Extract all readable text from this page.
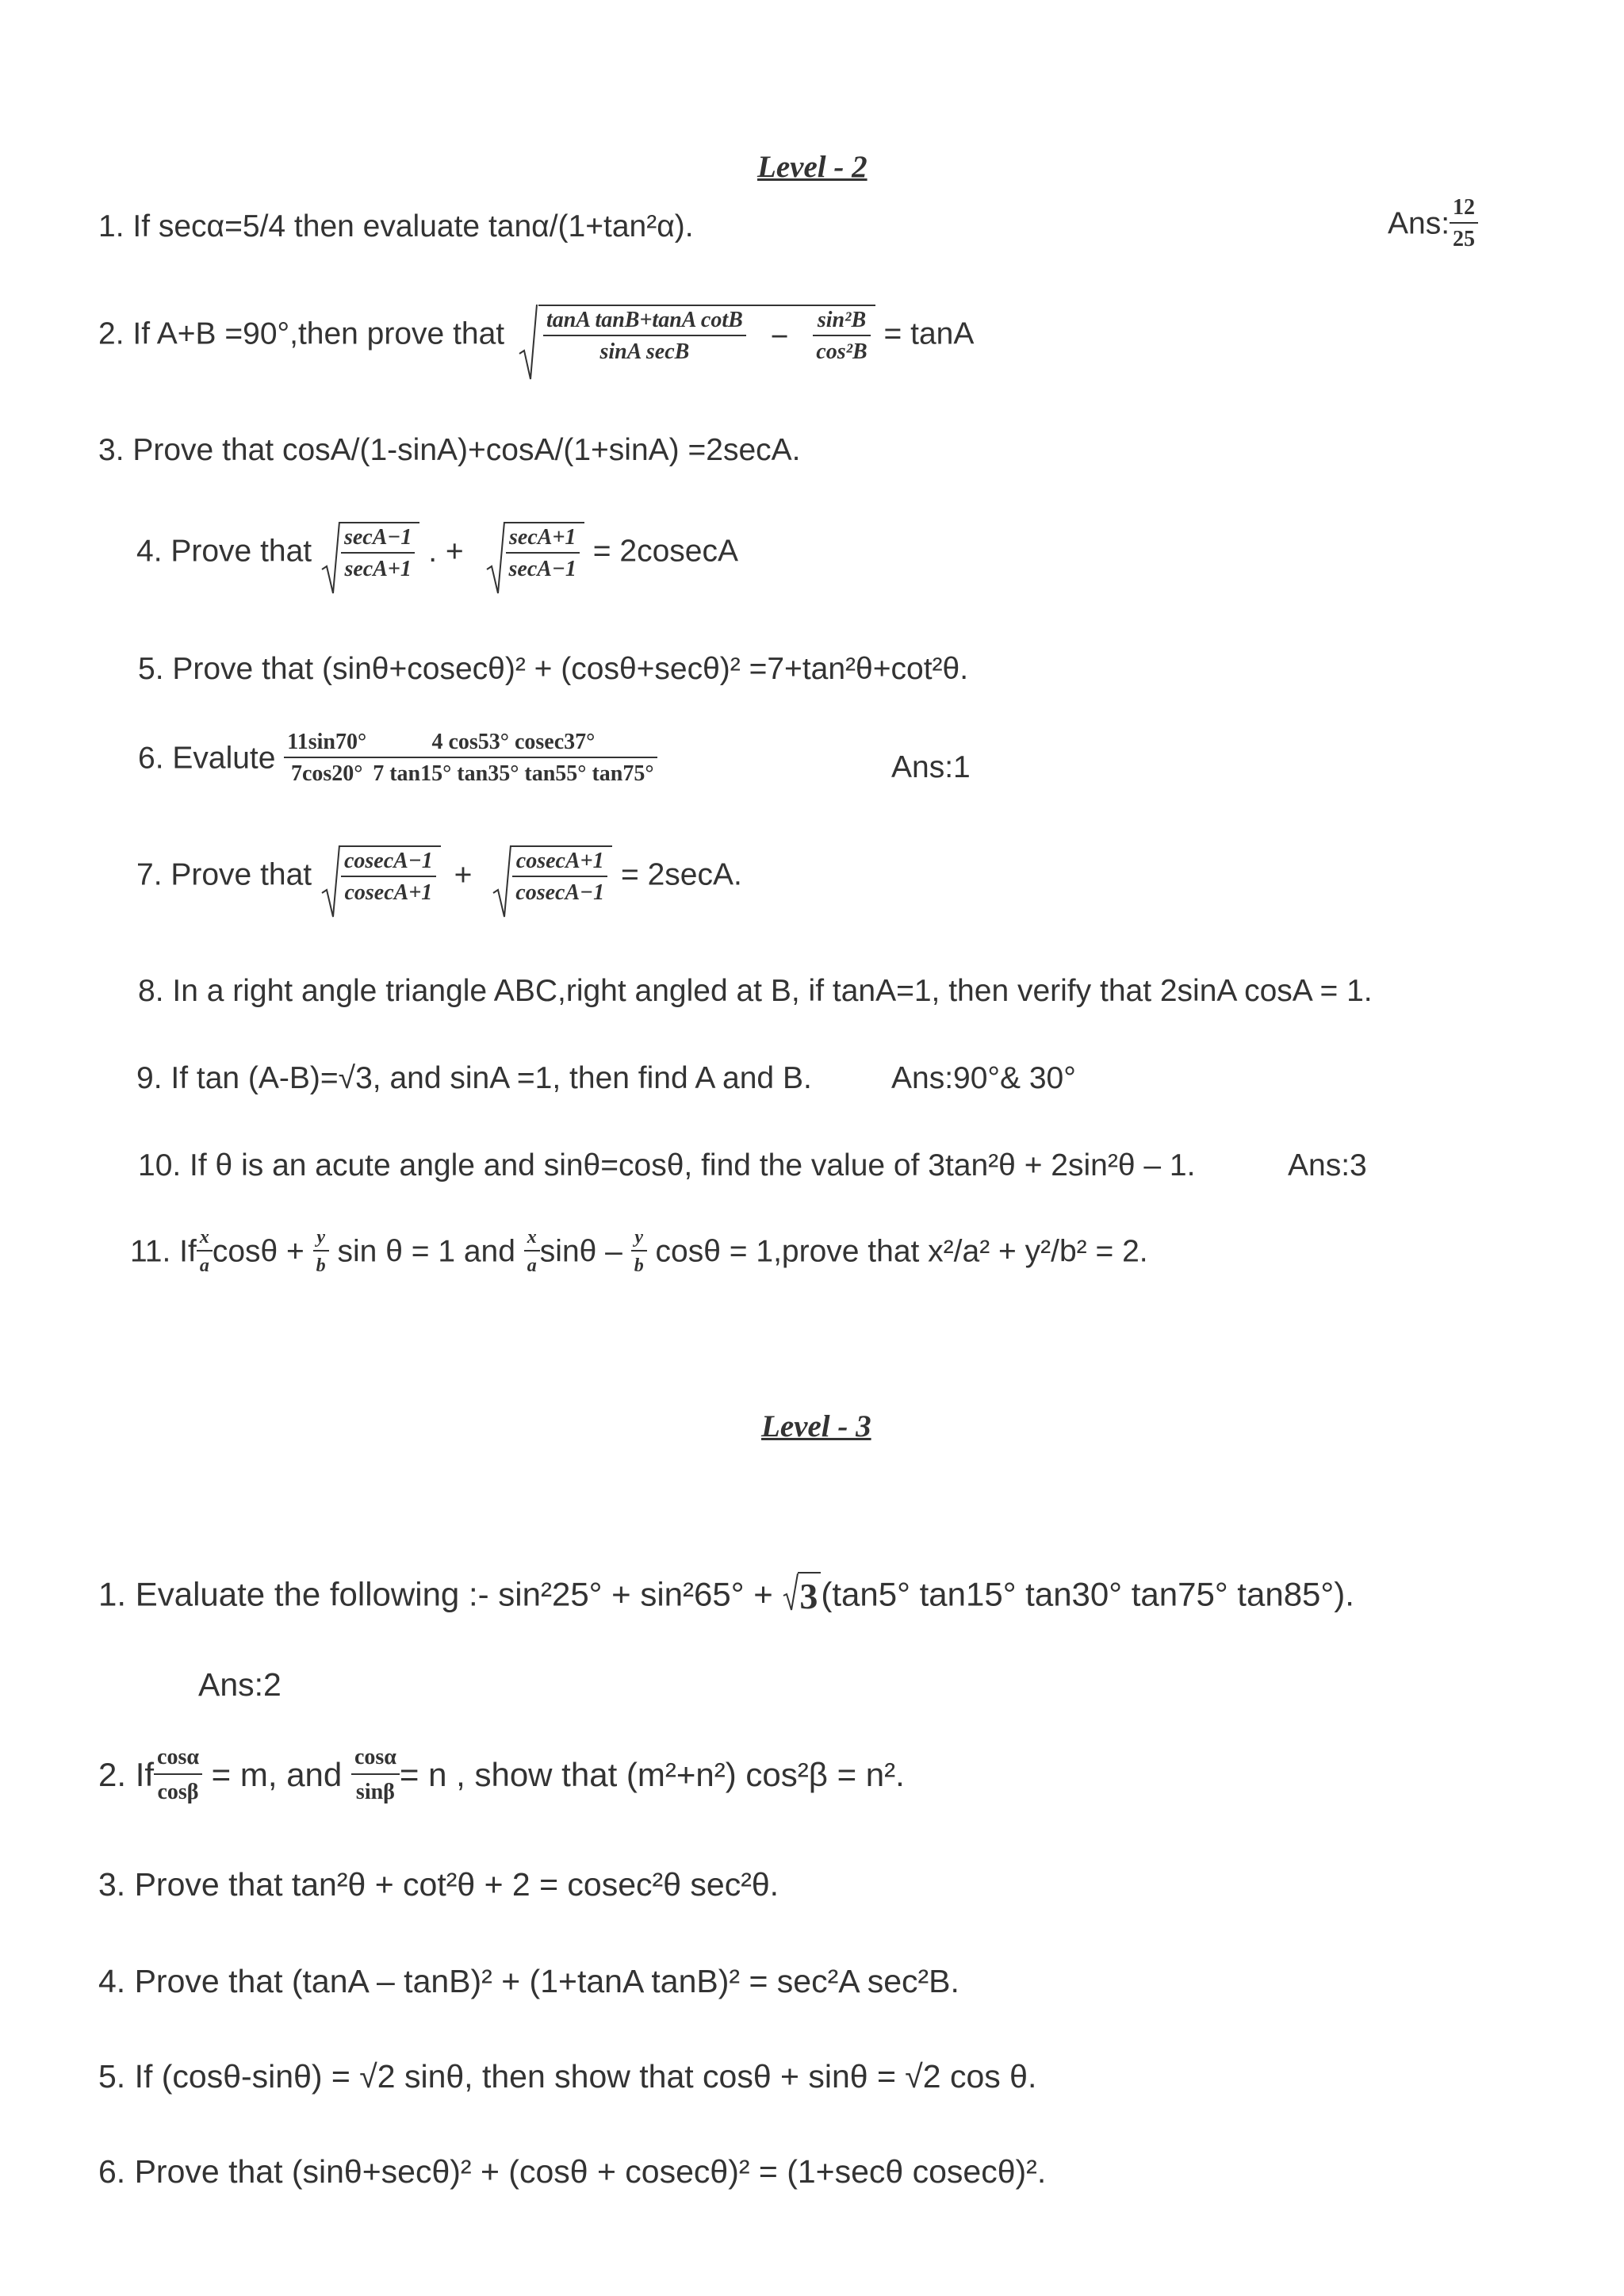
Level - 2
1. If secα=5/4 then evaluate tanα/(1+tan²α).	Ans: $\frac{12}{25}$
2. If A+B =90°,then prove that $\frac{\text{tanA tanB+tanA cotB}}{\text{sinA secB}} - \frac{\text{sin²B}}{\text{cos²B}} = \tan A$
3. Prove that cosA/(1-sinA)+cosA/(1+sinA) =2secA.
4. Prove that $\frac{\sec A-1}{\sec A+1}$ . + $\frac{\sec A+1}{\sec A-1} = 2cosecA$
5. Prove that (sinθ+cosecθ)² + (cosθ+secθ)² =7+tan²θ+cot²θ.
6. Evalute $\frac{11\sin 70^\circ}{7\cos 20^\circ} \frac{4 \cos 53^\circ cosec37^\circ}{7 \tan 15^\circ \tan 35^\circ \tan 55^\circ \tan 75^\circ}$	Ans:1
7. Prove that $\frac{cosecA-1}{cosecA+1} + \frac{cosecA+1}{cosecA-1} = 2\sec A$.
8. In a right angle triangle ABC,right angled at B, if tanA=1, then verify that 2sinA cosA = 1.
9. If tan (A-B)=√3, and sinA =1, then find A and B.	Ans:90°& 30°
10. If θ is an acute angle and sinθ=cosθ, find the value of 3tan²θ + 2sin²θ – 1.	Ans:3
11. If $\frac{x}{a}$ $\cos\theta + \frac{y}{b}$ sin θ = 1 and $\frac{x}{a}$ sinθ – $\frac{y}{b}$ cosθ = 1,prove that x²/a² + y²/b² = 2.
Level - 3
1. Evaluate the following :- sin²25° + sin²65° + 3(tan5° tan15° tan30° tan75° tan85°).
Ans:2
2. If $\frac{\cos\alpha}{\cos\beta} = m$, and $\frac{\cos\alpha}{\sin\beta} = n$ , show that (m²+n²) cos²β = n².
3. Prove that tan²θ + cot²θ + 2 = cosec²θ sec²θ.
4. Prove that (tanA – tanB)² + (1+tanA tanB)² = sec²A sec²B.
5. If (cosθ-sinθ) = √2 sinθ, then show that cosθ + sinθ = √2 cos θ.
6. Prove that (sinθ+secθ)² + (cosθ + cosecθ)² = (1+secθ cosecθ)².
